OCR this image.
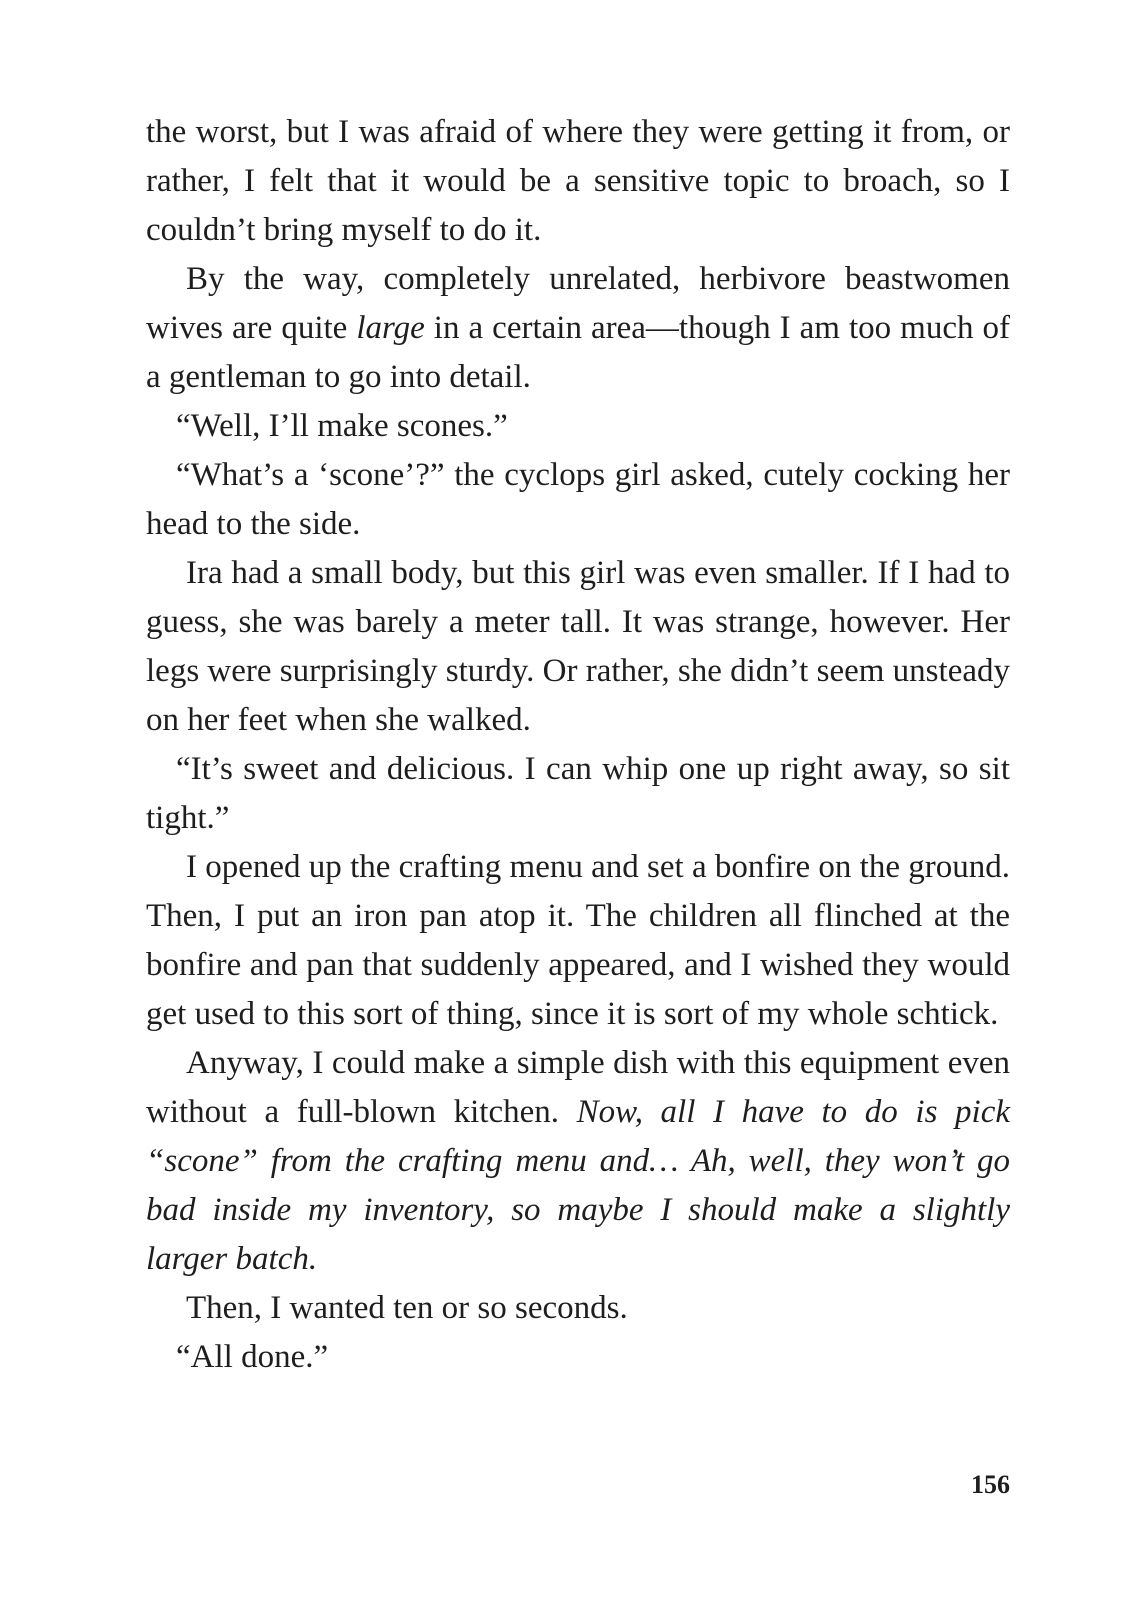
the worst, but I was afraid of where they were getting it from, or rather, I felt that it would be a sensitive topic to broach, so I couldn’t bring myself to do it.

By the way, completely unrelated, herbivore beastwomen wives are quite large in a certain area—though I am too much of a gentleman to go into detail.

“Well, I’ll make scones.”

“What’s a ‘scone’?” the cyclops girl asked, cutely cocking her head to the side.

Ira had a small body, but this girl was even smaller. If I had to guess, she was barely a meter tall. It was strange, however. Her legs were surprisingly sturdy. Or rather, she didn’t seem unsteady on her feet when she walked.

“It’s sweet and delicious. I can whip one up right away, so sit tight.”

I opened up the crafting menu and set a bonfire on the ground. Then, I put an iron pan atop it. The children all flinched at the bonfire and pan that suddenly appeared, and I wished they would get used to this sort of thing, since it is sort of my whole schtick.

Anyway, I could make a simple dish with this equipment even without a full-blown kitchen. Now, all I have to do is pick “scone” from the crafting menu and… Ah, well, they won’t go bad inside my inventory, so maybe I should make a slightly larger batch.

Then, I wanted ten or so seconds.

“All done.”

156
